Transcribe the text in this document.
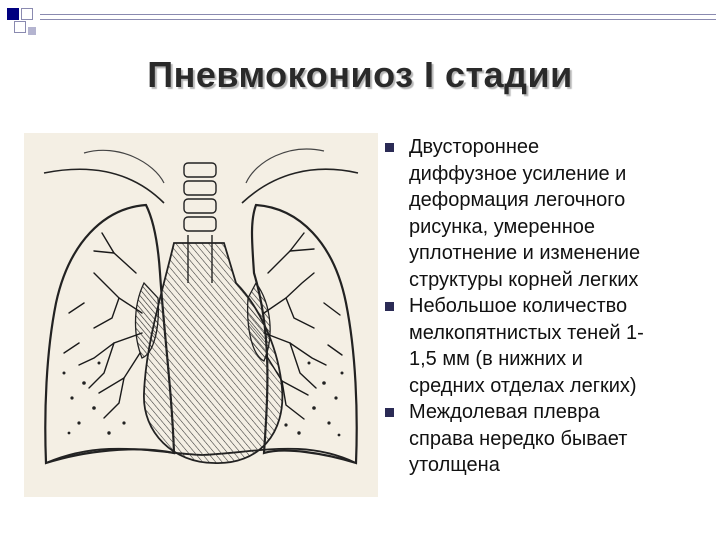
Пневмокониоз I стадии
Двустороннее
диффузное усиление и
деформация легочного
рисунка, умеренное
уплотнение и изменение
структуры корней легких
Небольшое количество
мелкопятнистых теней 1-
1,5 мм (в нижних и
средних отделах легких)
Междолевая плевра
справа нередко бывает
утолщена
